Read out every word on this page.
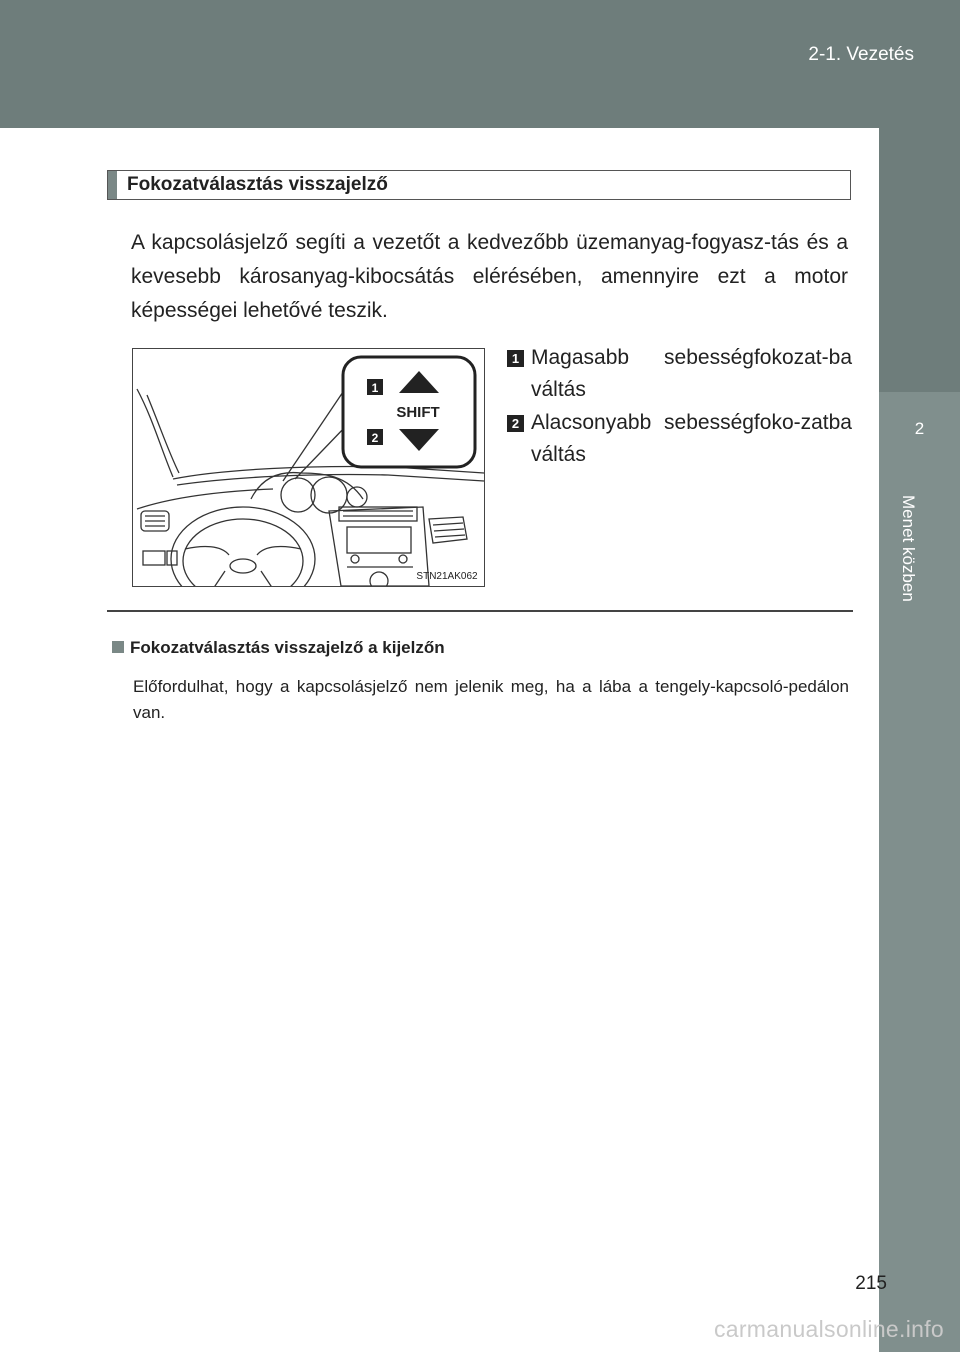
2-1. Vezetés
2
Menet közben
Fokozatválasztás visszajelző
A kapcsolásjelző segíti a vezetőt a kedvezőbb üzemanyag-fogyasz-tás és a kevesebb károsanyag-kibocsátás elérésében, amennyire ezt a motor képességei lehetővé teszik.
1
2
SHIFT
STN21AK062
1 Magasabb sebességfokozat-ba váltás
2 Alacsonyabb sebességfoko-zatba váltás
Fokozatválasztás visszajelző a kijelzőn
Előfordulhat, hogy a kapcsolásjelző nem jelenik meg, ha a lába a tengely-kapcsoló-pedálon van.
215
carmanualsonline.info
